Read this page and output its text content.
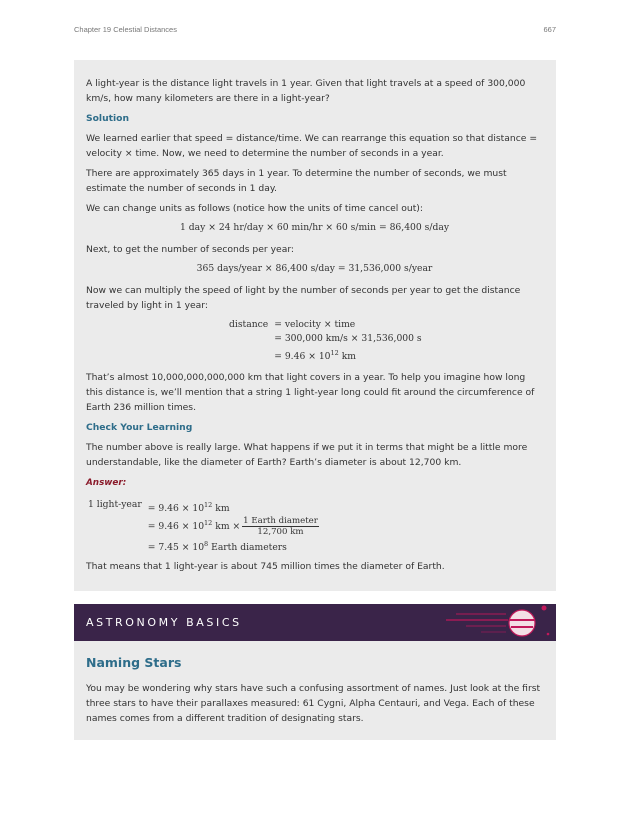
Chapter 19 Celestial Distances	667

A light-year is the distance light travels in 1 year. Given that light travels at a speed of 300,000 km/s, how many kilometers are there in a light-year?

Solution

We learned earlier that speed = distance/time. We can rearrange this equation so that distance = velocity × time. Now, we need to determine the number of seconds in a year.

There are approximately 365 days in 1 year. To determine the number of seconds, we must estimate the number of seconds in 1 day.

We can change units as follows (notice how the units of time cancel out):

1 day × 24 hr/day × 60 min/hr × 60 s/min = 86,400 s/day

Next, to get the number of seconds per year:

365 days/year × 86,400 s/day = 31,536,000 s/year

Now we can multiply the speed of light by the number of seconds per year to get the distance traveled by light in 1 year:

distance = velocity × time
= 300,000 km/s × 31,536,000 s
= $9.46 \times 10^{12}$ km

That’s almost 10,000,000,000,000 km that light covers in a year. To help you imagine how long this distance is, we’ll mention that a string 1 light-year long could fit around the circumference of Earth 236 million times.

Check Your Learning

The number above is really large. What happens if we put it in terms that might be a little more understandable, like the diameter of Earth? Earth’s diameter is about 12,700 km.

Answer:
1 light-year = $9.46 \times 10^{12}$ km
= $9.46 \times 10^{12}$ km × $\frac{\text{1 Earth diameter}}{12,700 km}$
= $7.45 \times 10^8$ Earth diameters

That means that 1 light-year is about 745 million times the diameter of Earth.

ASTRONOMY BASICS
Naming Stars

You may be wondering why stars have such a confusing assortment of names. Just look at the first three stars to have their parallaxes measured: 61 Cygni, Alpha Centauri, and Vega. Each of these names comes from a different tradition of designating stars.
